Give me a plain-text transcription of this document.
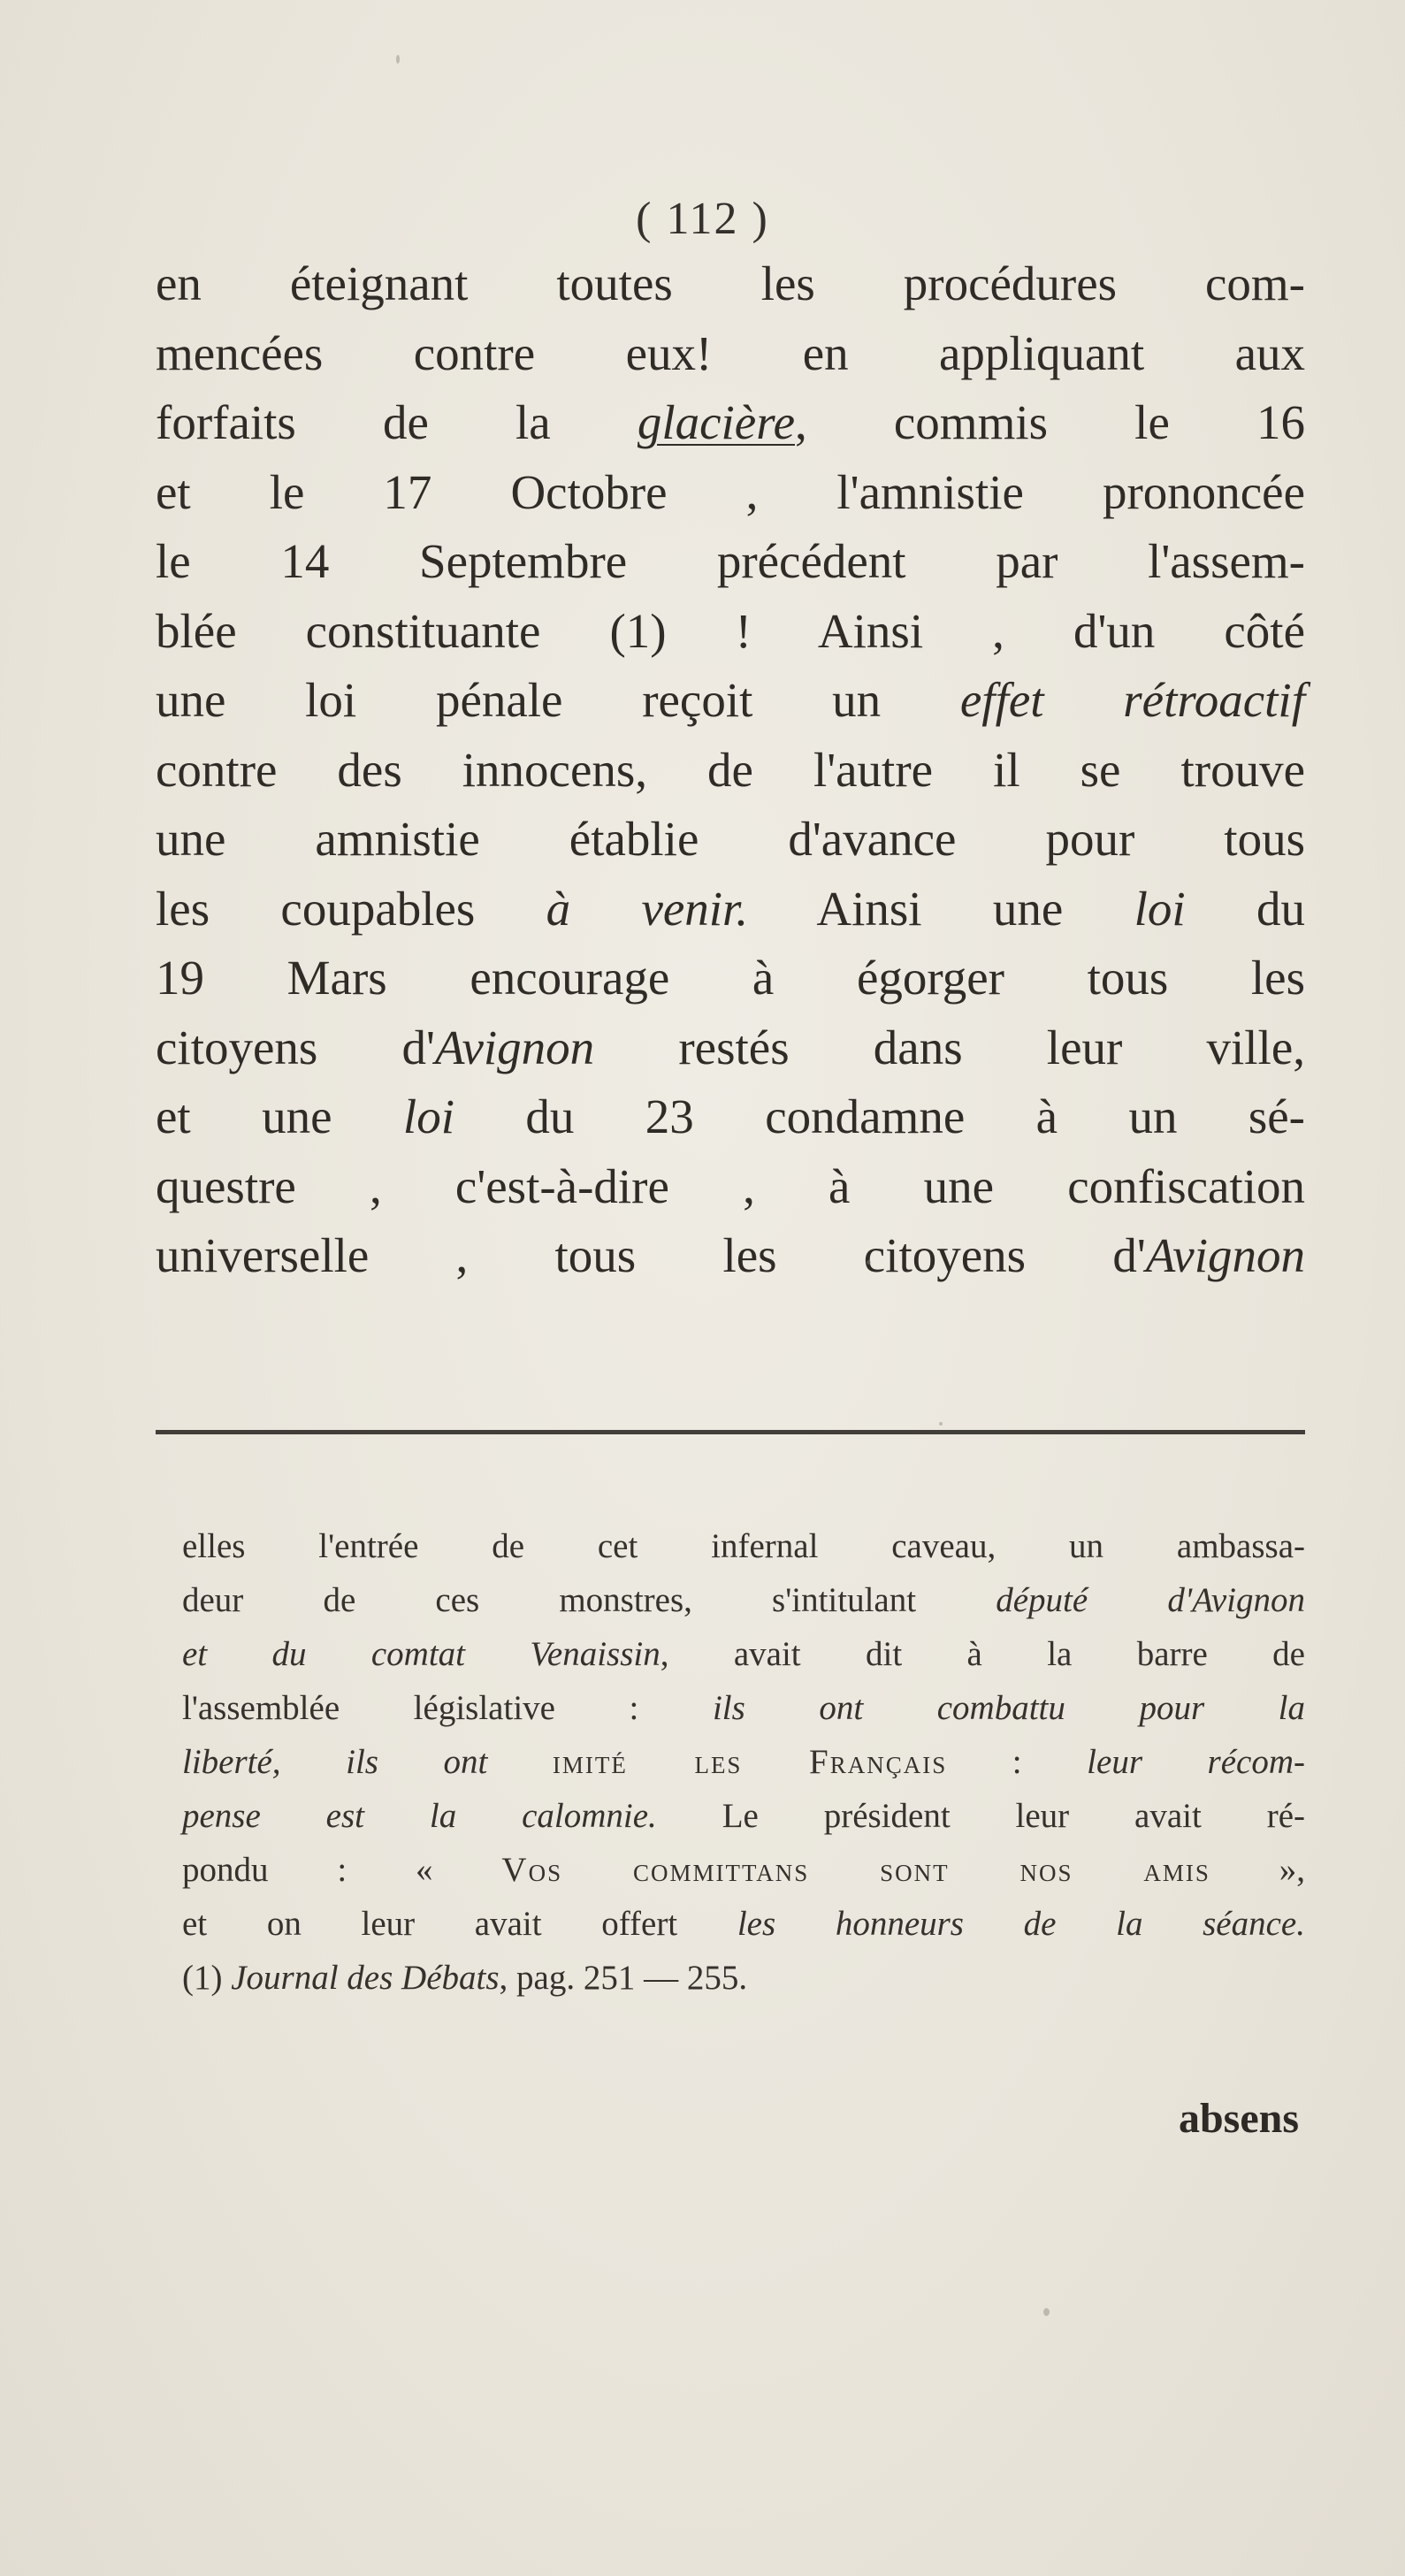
( 112 )
en éteignant toutes les procédures com-
mencées contre eux! en appliquant aux
forfaits de la glacière, commis le 16
et le 17 Octobre , l'amnistie prononcée
le 14 Septembre précédent par l'assem-
blée constituante (1) ! Ainsi , d'un côté
une loi pénale reçoit un effet rétroactif
contre des innocens, de l'autre il se trouve
une amnistie établie d'avance pour tous
les coupables à venir. Ainsi une loi du
19 Mars encourage à égorger tous les
citoyens d'Avignon restés dans leur ville,
et une loi du 23 condamne à un sé-
questre , c'est-à-dire , à une confiscation
universelle , tous les citoyens d'Avignon
elles l'entrée de cet infernal caveau, un ambassa-
deur de ces monstres, s'intitulant député d'Avignon
et du comtat Venaissin, avait dit à la barre de
l'assemblée législative : ils ont combattu pour la
liberté, ils ont imité les Français : leur récom-
pense est la calomnie. Le président leur avait ré-
pondu : « Vos committans sont nos amis »,
et on leur avait offert les honneurs de la séance.
(1) Journal des Débats, pag. 251 — 255.
absens
